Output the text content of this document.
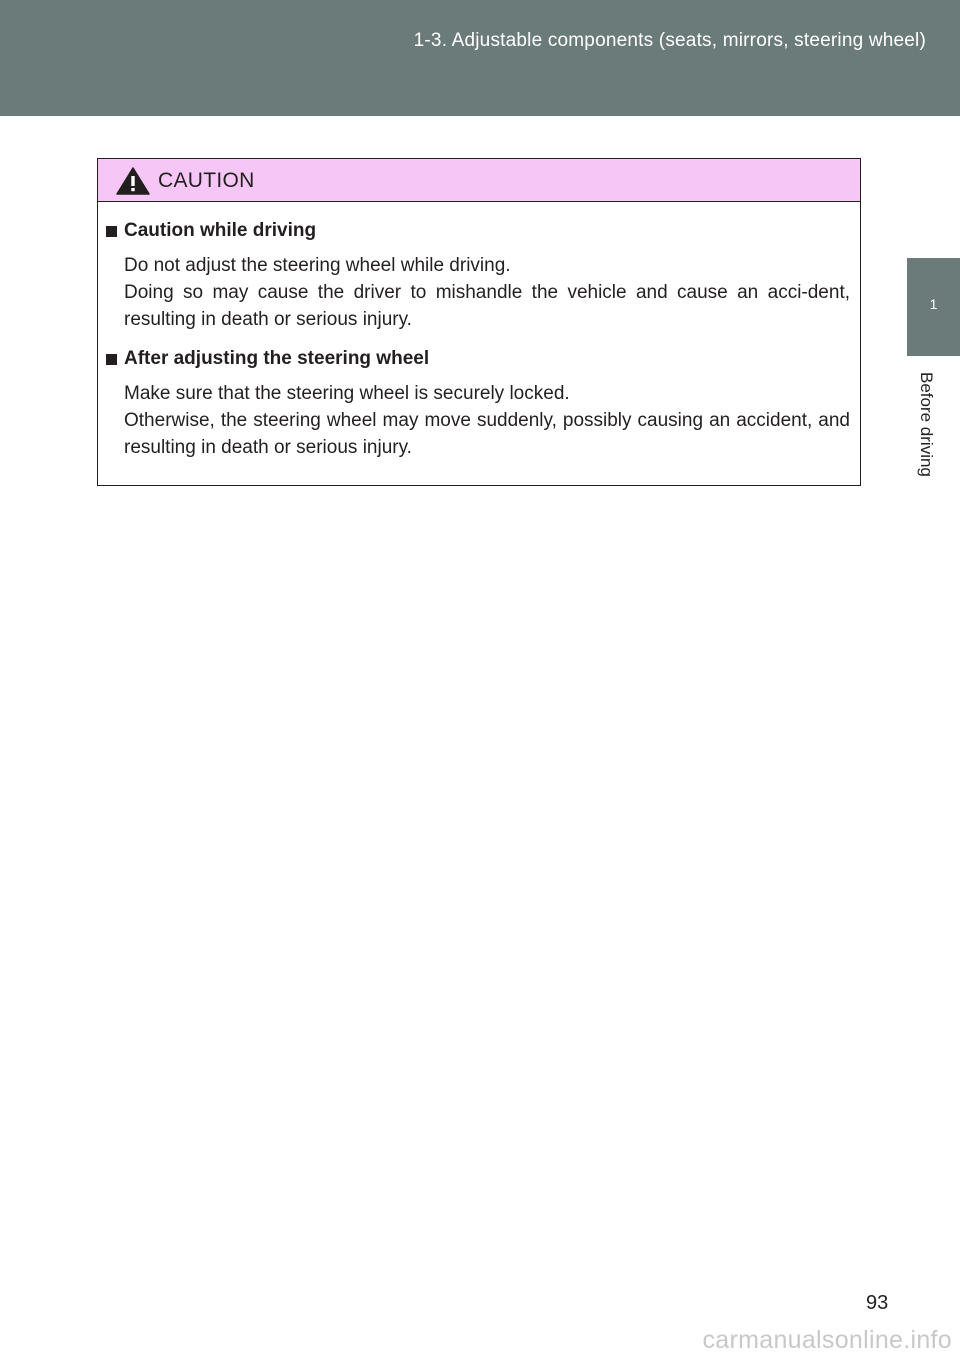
1-3. Adjustable components (seats, mirrors, steering wheel)
1
Before driving
CAUTION
Caution while driving

Do not adjust the steering wheel while driving.

Doing so may cause the driver to mishandle the vehicle and cause an acci-dent, resulting in death or serious injury.

After adjusting the steering wheel

Make sure that the steering wheel is securely locked.

Otherwise, the steering wheel may move suddenly, possibly causing an accident, and resulting in death or serious injury.

93
carmanualsonline.info
